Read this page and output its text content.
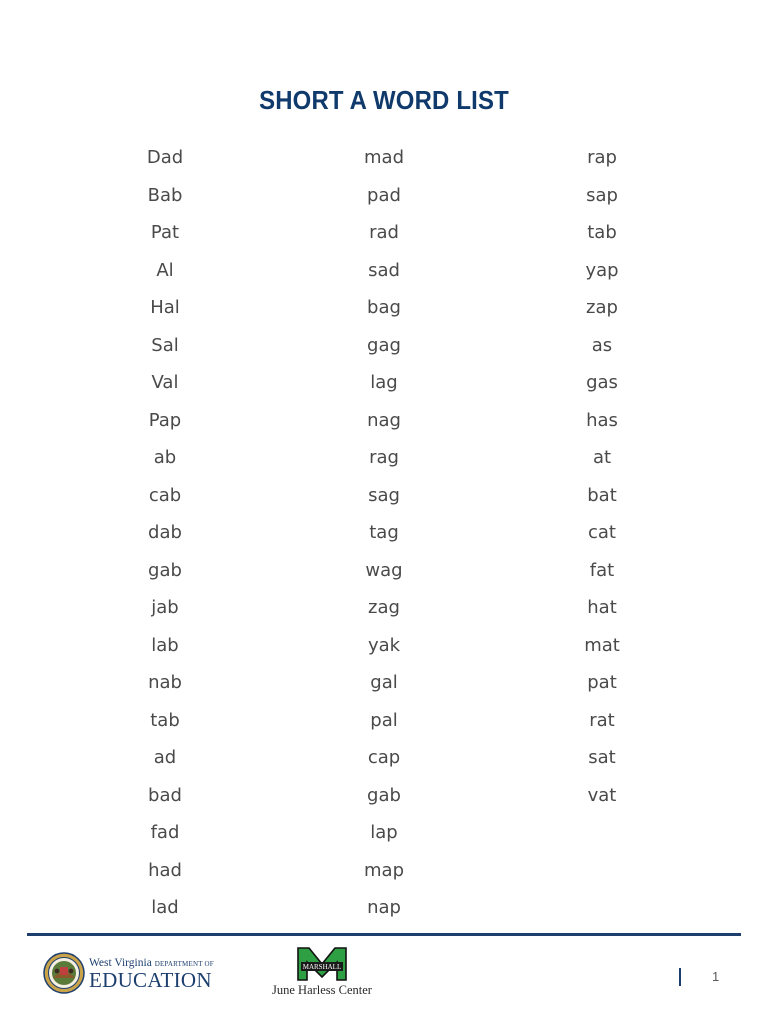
SHORT A WORD LIST
Dad
Bab
Pat
Al
Hal
Sal
Val
Pap
ab
cab
dab
gab
jab
lab
nab
tab
ad
bad
fad
had
lad
mad
pad
rad
sad
bag
gag
lag
nag
rag
sag
tag
wag
zag
yak
gal
pal
cap
gab
lap
map
nap
rap
sap
tab
yap
zap
as
gas
has
at
bat
cat
fat
hat
mat
pat
rat
sat
vat
West Virginia DEPARTMENT OF
EDUCATION
MARSHALL
June Harless Center
1
